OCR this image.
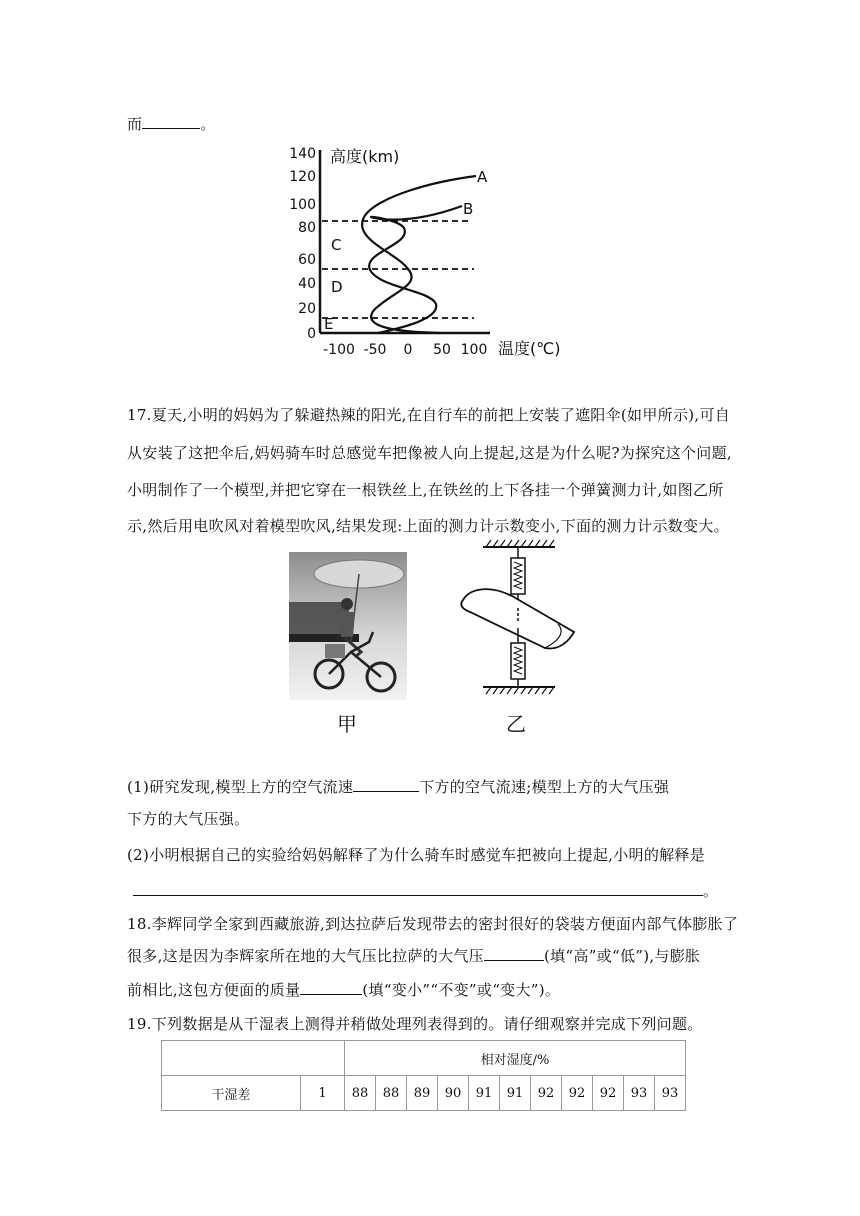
而	。
140
120
100
80
60
40
20
0
-100 -50 0 50 100
高度(km)
温度(℃)
A
B
C
D
E
17.夏天,小明的妈妈为了躲避热辣的阳光,在自行车的前把上安装了遮阳伞(如甲所示),可自
从安装了这把伞后,妈妈骑车时总感觉车把像被人向上提起,这是为什么呢?为探究这个问题,
小明制作了一个模型,并把它穿在一根铁丝上,在铁丝的上下各挂一个弹簧测力计,如图乙所
示,然后用电吹风对着模型吹风,结果发现:上面的测力计示数变小,下面的测力计示数变大。
甲	乙
(1)研究发现,模型上方的空气流速	下方的空气流速;模型上方的大气压强
下方的大气压强。
(2)小明根据自己的实验给妈妈解释了为什么骑车时感觉车把被向上提起,小明的解释是
。
18.李辉同学全家到西藏旅游,到达拉萨后发现带去的密封很好的袋装方便面内部气体膨胀了
很多,这是因为李辉家所在地的大气压比拉萨的大气压	(填“高”或“低”),与膨胀
前相比,这包方便面的质量	(填“变小”“不变”或“变大”)。
19.下列数据是从干湿表上测得并稍做处理列表得到的。请仔细观察并完成下列问题。
		相对湿度/%										
干湿差	1	88	88	89	90	91	91	92	92	92	93	93
